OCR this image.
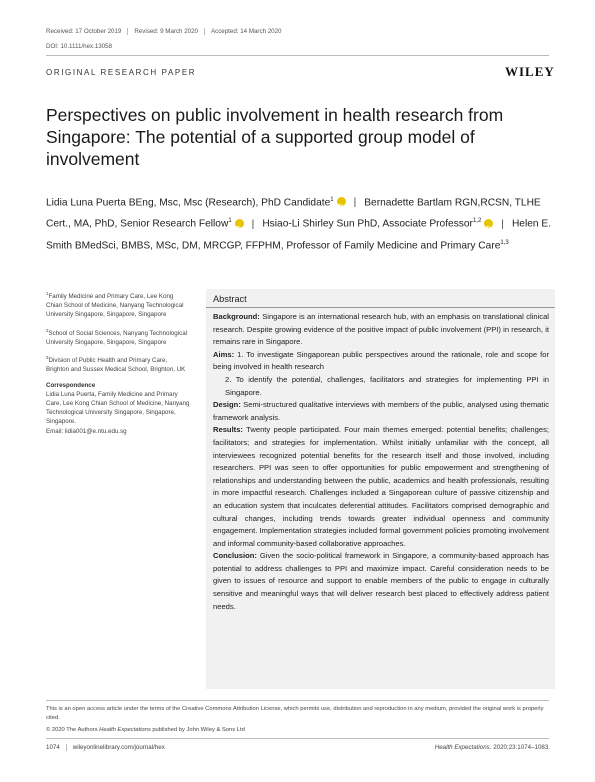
Received: 17 October 2019 Revised: 9 March 2020 Accepted: 14 March 2020
DOI: 10.1111/hex.13058
ORIGINAL RESEARCH PAPER	WILEY
Perspectives on public involvement in health research from Singapore: The potential of a supported group model of involvement
Lidia Luna Puerta BEng, Msc, Msc (Research), PhD Candidate$^1$ iD | Bernadette Bartlam RGN,RCSN, TLHE Cert., MA, PhD, Senior Research Fellow$^1$ iD | Hsiao-Li Shirley Sun PhD, Associate Professor$^{1,2}$iD | Helen E. Smith BMedSci, BMBS, MSc, DM, MRCGP, FFPHM, Professor of Family Medicine and Primary Care$^{1,3}$

$^1$Family Medicine and Primary Care, Lee Kong Chian School of Medicine, Nanyang Technological University Singapore, Singapore, Singapore

$^2$School of Social Sciences, Nanyang Technological University Singapore, Singapore, Singapore

$^3$Division of Public Health and Primary Care, Brighton and Sussex Medical School, Brighton, UK

Correspondence
Lidia Luna Puerta, Family Medicine and Primary Care, Lee Kong Chian School of Medicine, Nanyang Technological University Singapore, Singapore, Singapore.
Email: lidia001@e.ntu.edu.sg
Abstract

Background: Singapore is an international research hub, with an emphasis on translational clinical research. Despite growing evidence of the positive impact of public involvement (PPI) in research, it remains rare in Singapore.

Aims: 1. To investigate Singaporean public perspectives around the rationale, role and scope for being involved in health research

2. To identify the potential, challenges, facilitators and strategies for implementing PPI in Singapore.

Design: Semi-structured qualitative interviews with members of the public, analysed using thematic framework analysis.

Results: Twenty people participated. Four main themes emerged: potential benefits; challenges; facilitators; and strategies for implementation. Whilst initially unfamiliar with the concept, all interviewees recognized potential benefits for the research itself and those involved, including researchers. PPI was seen to offer opportunities for public empowerment and strengthening of relationships and understanding between the public, academics and health professionals, resulting in more impactful research. Challenges included a Singaporean culture of passive citizenship and an education system that inculcates deferential attitudes. Facilitators comprised demographic and cultural changes, including trends towards greater individual openness and community engagement. Implementation strategies included formal government policies promoting involvement and informal community-based collaborative approaches.

Conclusion: Given the socio-political framework in Singapore, a community-based approach has potential to address challenges to PPI and maximize impact. Careful consideration needs to be given to issues of resource and support to enable members of the public to engage in culturally sensitive and meaningful ways that will deliver research best placed to effectively address patient needs.

This is an open access article under the terms of the Creative Commons Attribution License, which permits use, distribution and reproduction in any medium, provided the original work is properly cited.
© 2020 The Authors Health Expectations published by John Wiley & Sons Ltd
1074 wileyonlinelibrary.com/journal/hex	Health Expectations. 2020;23:1074–1083.
